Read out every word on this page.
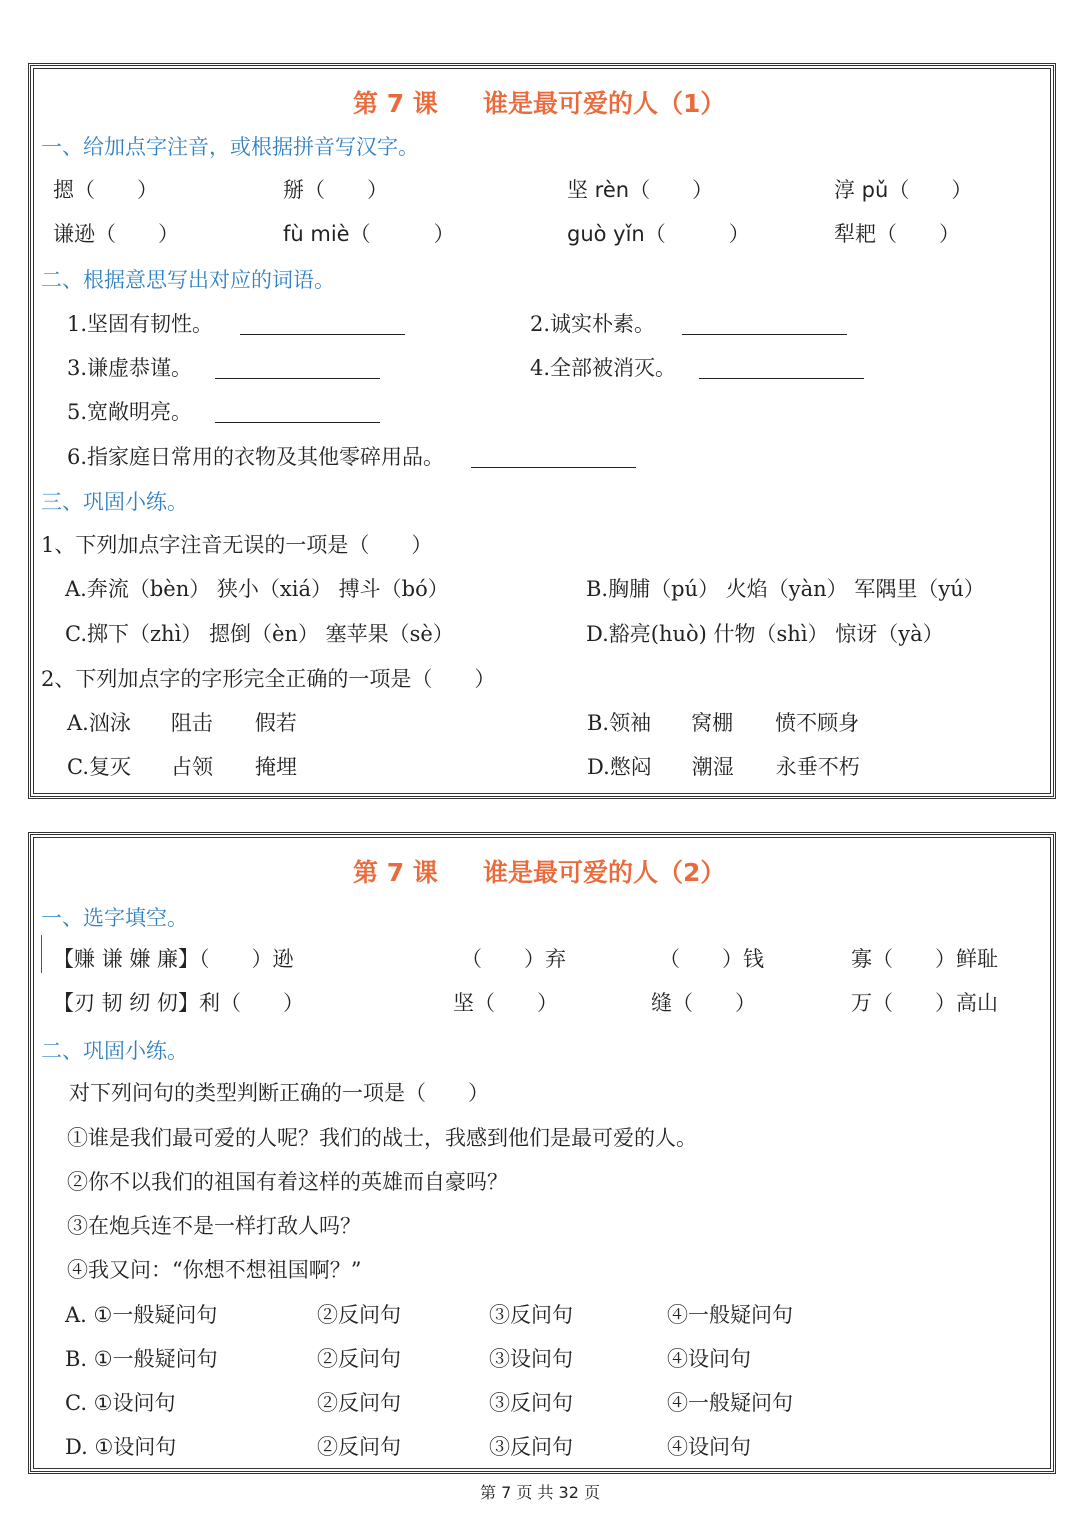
第 7 课 谁是最可爱的人（1）
一、给加点字注音，或根据拼音写汉字。
摁（　　）	掰（　　）	坚 rèn（　　）	淳 pǔ（　　）
谦逊（　　）	fù miè（　　　）	guò yǐn（　　　）	犁耙（　　）
二、根据意思写出对应的词语。
1.坚固有韧性。	2.诚实朴素。
3.谦虚恭谨。	4.全部被消灭。
5.宽敞明亮。
6.指家庭日常用的衣物及其他零碎用品。
三、巩固小练。
1、下列加点字注音无误的一项是（　　）
A.奔流（bèn） 狭小（xiá） 搏斗（bó）	B.胸脯（pú） 火焰（yàn） 军隅里（yú）
C.掷下（zhì） 摁倒（èn） 塞苹果（sè）	D.豁亮(huò) 什物（shì） 惊讶（yà）
2、下列加点字的字形完全正确的一项是（　　）
A.汹泳 阻击 假若	B.领袖 窝棚 愤不顾身
C.复灭 占领 掩埋	D.憋闷 潮湿 永垂不朽
第 7 课 谁是最可爱的人（2）
一、选字填空。
【赚 谦 嫌 廉】（　　）逊	（　　）弃	（　　）钱	寡（　　）鲜耻
【刃 韧 纫 仞】利（　　）	坚（　　）	缝（　　）	万（　　）高山
二、巩固小练。
对下列问句的类型判断正确的一项是（　　）
①谁是我们最可爱的人呢？我们的战士，我感到他们是最可爱的人。
②你不以我们的祖国有着这样的英雄而自豪吗？
③在炮兵连不是一样打敌人吗？
④我又问：“你想不想祖国啊？”
A. ①一般疑问句	②反问句	③反问句	④一般疑问句
B. ①一般疑问句	②反问句	③设问句	④设问句
C. ①设问句	②反问句	③反问句	④一般疑问句
D. ①设问句	②反问句	③反问句	④设问句
第 7 页 共 32 页
